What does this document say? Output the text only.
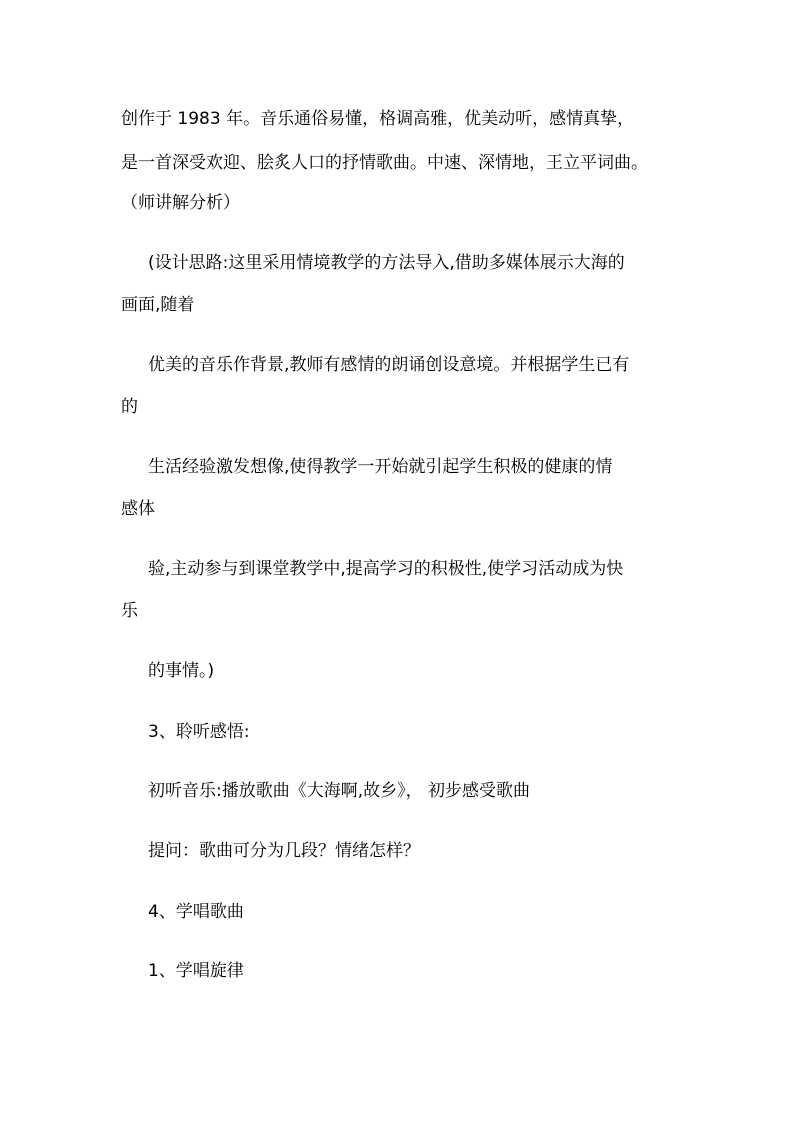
创作于 1983 年。音乐通俗易懂，格调高雅，优美动听，感情真挚，
是一首深受欢迎、脍炙人口的抒情歌曲。中速、深情地，王立平词曲。
（师讲解分析）
(设计思路:这里采用情境教学的方法导入,借助多媒体展示大海的
画面,随着
优美的音乐作背景,教师有感情的朗诵创设意境。并根据学生已有
的
生活经验激发想像,使得教学一开始就引起学生积极的健康的情
感体
验,主动参与到课堂教学中,提高学习的积极性,使学习活动成为快
乐
的事情。)
3、聆听感悟:
初听音乐:播放歌曲《大海啊,故乡》， 初步感受歌曲
提问：歌曲可分为几段？情绪怎样？
4、学唱歌曲
1、学唱旋律
